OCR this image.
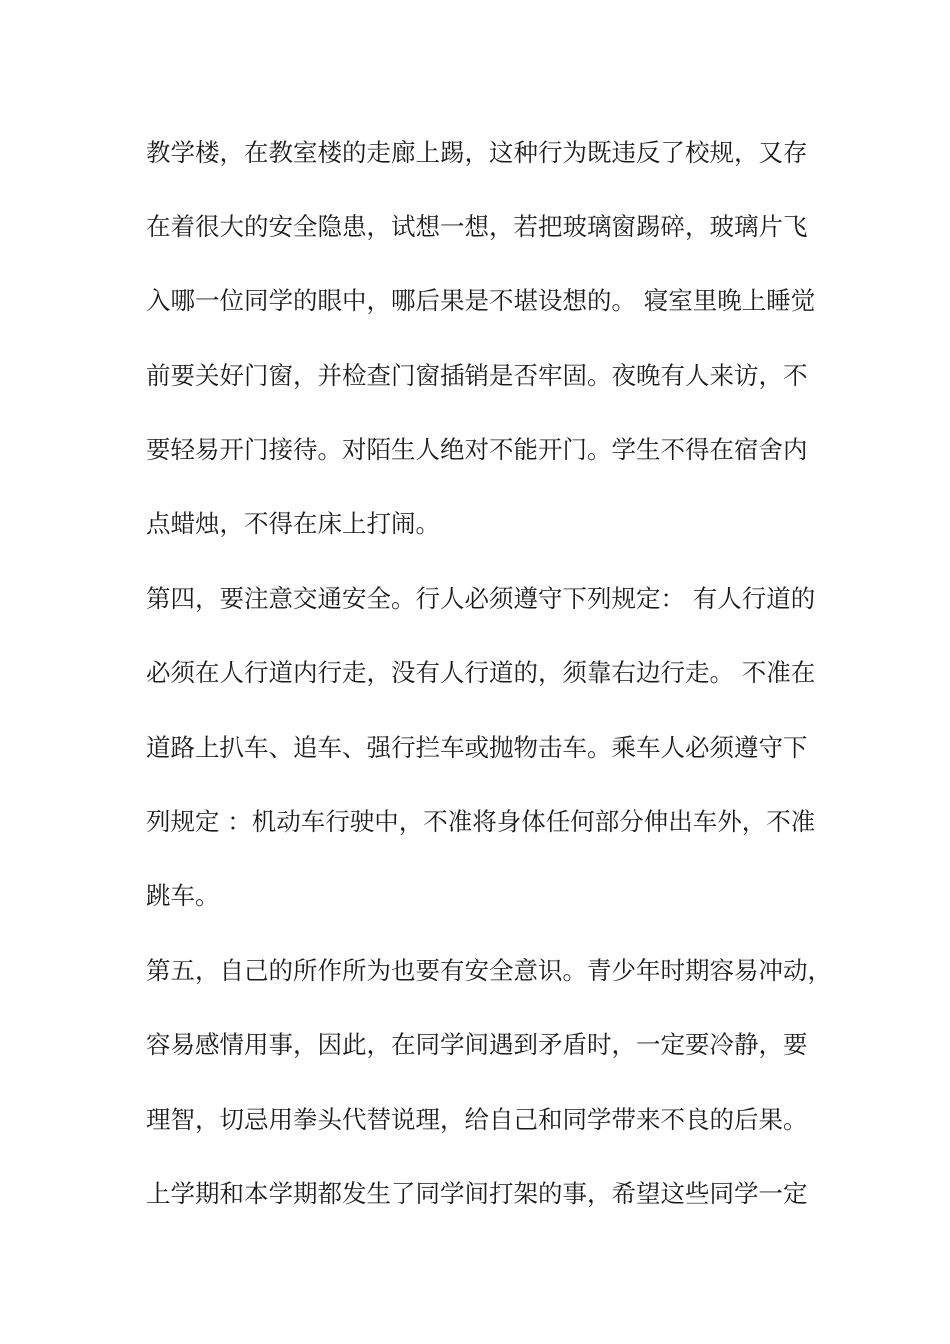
教学楼，在教室楼的走廊上踢，这种行为既违反了校规，又存
在着很大的安全隐患，试想一想，若把玻璃窗踢碎，玻璃片飞
入哪一位同学的眼中，哪后果是不堪设想的。 寝室里晚上睡觉
前要关好门窗，并检查门窗插销是否牢固。夜晚有人来访，不
要轻易开门接待。对陌生人绝对不能开门。学生不得在宿舍内
点蜡烛，不得在床上打闹。
第四，要注意交通安全。行人必须遵守下列规定： 有人行道的
必须在人行道内行走，没有人行道的，须靠右边行走。 不准在
道路上扒车、追车、强行拦车或抛物击车。乘车人必须遵守下
列规定 ：机动车行驶中，不准将身体任何部分伸出车外，不准
跳车。
第五，自己的所作所为也要有安全意识。青少年时期容易冲动，
容易感情用事，因此，在同学间遇到矛盾时，一定要冷静，要
理智，切忌用拳头代替说理，给自己和同学带来不良的后果。
上学期和本学期都发生了同学间打架的事，希望这些同学一定
